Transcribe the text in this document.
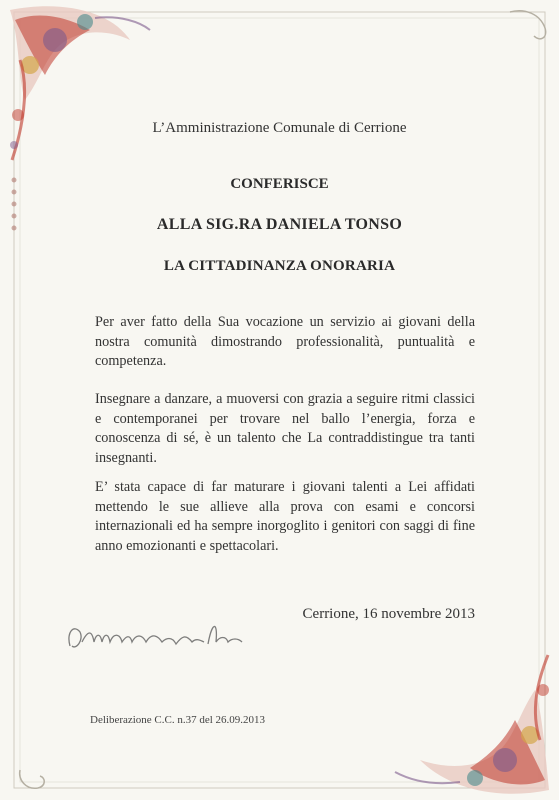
L’Amministrazione Comunale di Cerrione
CONFERISCE
ALLA SIG.RA DANIELA TONSO
LA CITTADINANZA ONORARIA

Per aver fatto della Sua vocazione un servizio ai giovani della nostra comunità dimostrando professionalità, puntualità e competenza.

Insegnare a danzare, a muoversi con grazia a seguire ritmi classici e contemporanei per trovare nel ballo l’energia, forza e conoscenza di sé, è un talento che La contraddistingue tra tanti insegnanti.

E’ stata capace di far maturare i giovani talenti a Lei affidati mettendo le sue allieve alla prova con esami e concorsi internazionali ed ha sempre inorgoglito i genitori con saggi di fine anno emozionanti e spettacolari.

Cerrione, 16 novembre 2013
Deliberazione C.C. n.37 del 26.09.2013
